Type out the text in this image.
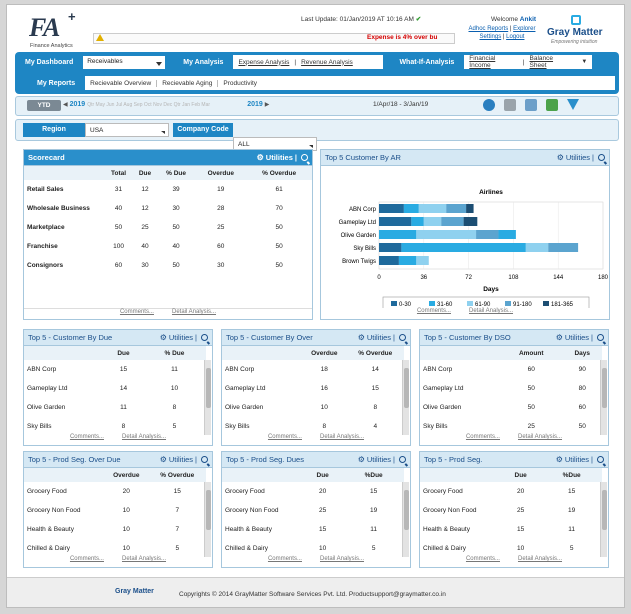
FA +
Finance Analytics
Last Update: 01/Jan/2019 AT 10:16 AM ✔
Expense is 4% over bu
Welcome Ankit
Adhoc Reports | Explorer
Settings | Logout	Gray Matter
Empowering intuition
My Dashboard	Receivables	My Analysis	Expense Analysis | Revenue Analysis	What-If-Analysis	Financial Income	| Balance Sheet	▼
My Reports	Recievable Overview	Recievable Aging	Productivity
YTD	◀ 2019 Qtr May Jun Jul Aug Sep Oct Nov Dec Qtr Jan Feb Mar	2019 ▶	1/Apr/18 - 3/Jan/19
Region	USA	Company Code
ALL
Scorecard	⚙ Utilities |
	Total	Due	% Due	Overdue	% Overdue
Retail Sales	31	12	39	19	61
Wholesale Business	40	12	30	28	70
Marketplace	50	25	50	25	50
Franchise	100	40	40	60	50
Consignors	60	30	50	30	50
Comments...	Detail Analysis...
Top 5 Customer By AR	⚙ Utilities |
Airlines
0	36	72	108	144	180
ABN Corp
Gameplay Ltd
Olive Garden
Sky Bills
Brown Twigs
Days
0-30	31-60	61-90	91-180	181-365
Comments...	Detail Analysis...
Top 5 - Customer By Due	⚙ Utilities |
	Due	% Due
ABN Corp	15	11
Gameplay Ltd	14	10
Olive Garden	11	8
Sky Bills	8	5
Comments...	Detail Analysis...
Top 5 - Customer By Over	⚙ Utilities |
	Overdue	% Overdue
ABN Corp	18	14
Gameplay Ltd	16	15
Olive Garden	10	8
Sky Bills	8	4
Comments...	Detail Analysis...
Top 5 - Customer By DSO	⚙ Utilities |
	Amount	Days
ABN Corp	60	90
Gameplay Ltd	50	80
Olive Garden	50	60
Sky Bills	25	50
Comments...	Detail Analysis...
Top 5 - Prod Seg. Over Due	⚙ Utilities |
	Overdue	% Overdue
Grocery Food	20	15
Grocery Non Food	10	7
Health & Beauty	10	7
Chilled & Dairy	10	5
Comments...	Detail Analysis...
Top 5 - Prod Seg. Dues	⚙ Utilities |
	Due	%Due
Grocery Food	20	15
Grocery Non Food	25	19
Health & Beauty	15	11
Chilled & Dairy	10	5
Comments...	Detail Analysis...
Top 5 - Prod Seg.	⚙ Utilities |
	Due	%Due
Grocery Food	20	15
Grocery Non Food	25	19
Health & Beauty	15	11
Chilled & Dairy	10	5
Comments...	Detail Analysis...
Gray Matter	Copyrights © 2014 GrayMatter Software Services Pvt. Ltd. Productsupport@graymatter.co.in
